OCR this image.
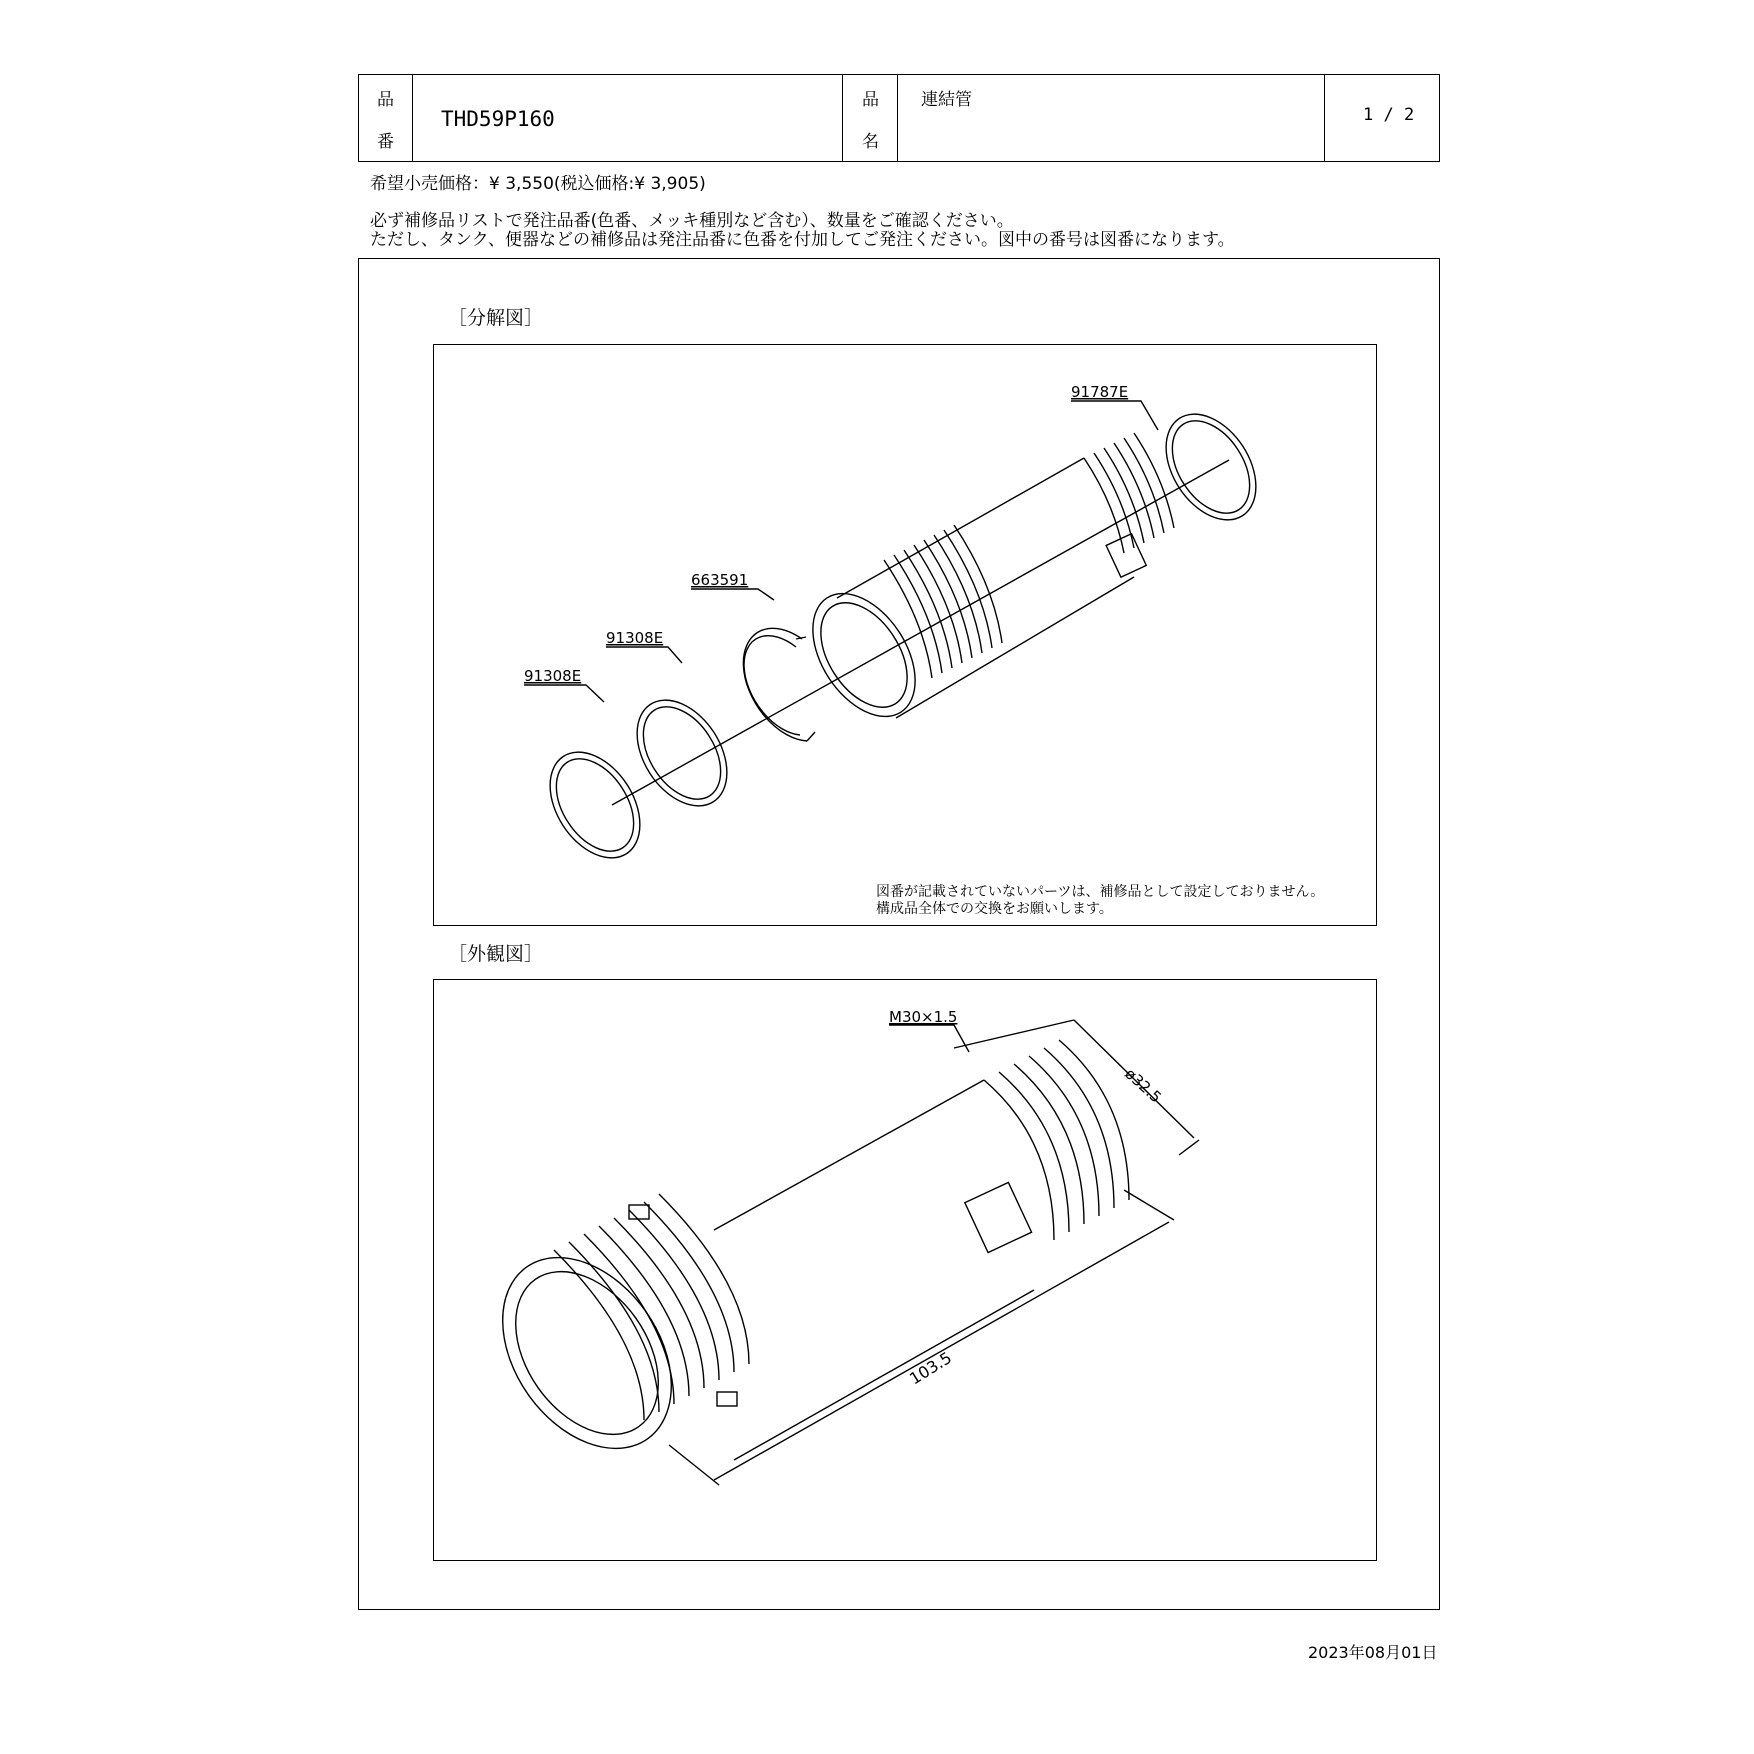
品
番
THD59P160
品
名
連結管
1 / 2
希望小売価格：¥ 3,550(税込価格:¥ 3,905)
必ず補修品リストで発注品番(色番、メッキ種別など含む）、数量をご確認ください。
ただし、タンク、便器などの補修品は発注品番に色番を付加してご発注ください。図中の番号は図番になります。
［分解図］
91787E
663591
91308E
91308E
図番が記載されていないパーツは、補修品として設定しておりません。
構成品全体での交換をお願いします。
［外観図］
M30×1.5
ø32.5
103.5
2023年08月01日
